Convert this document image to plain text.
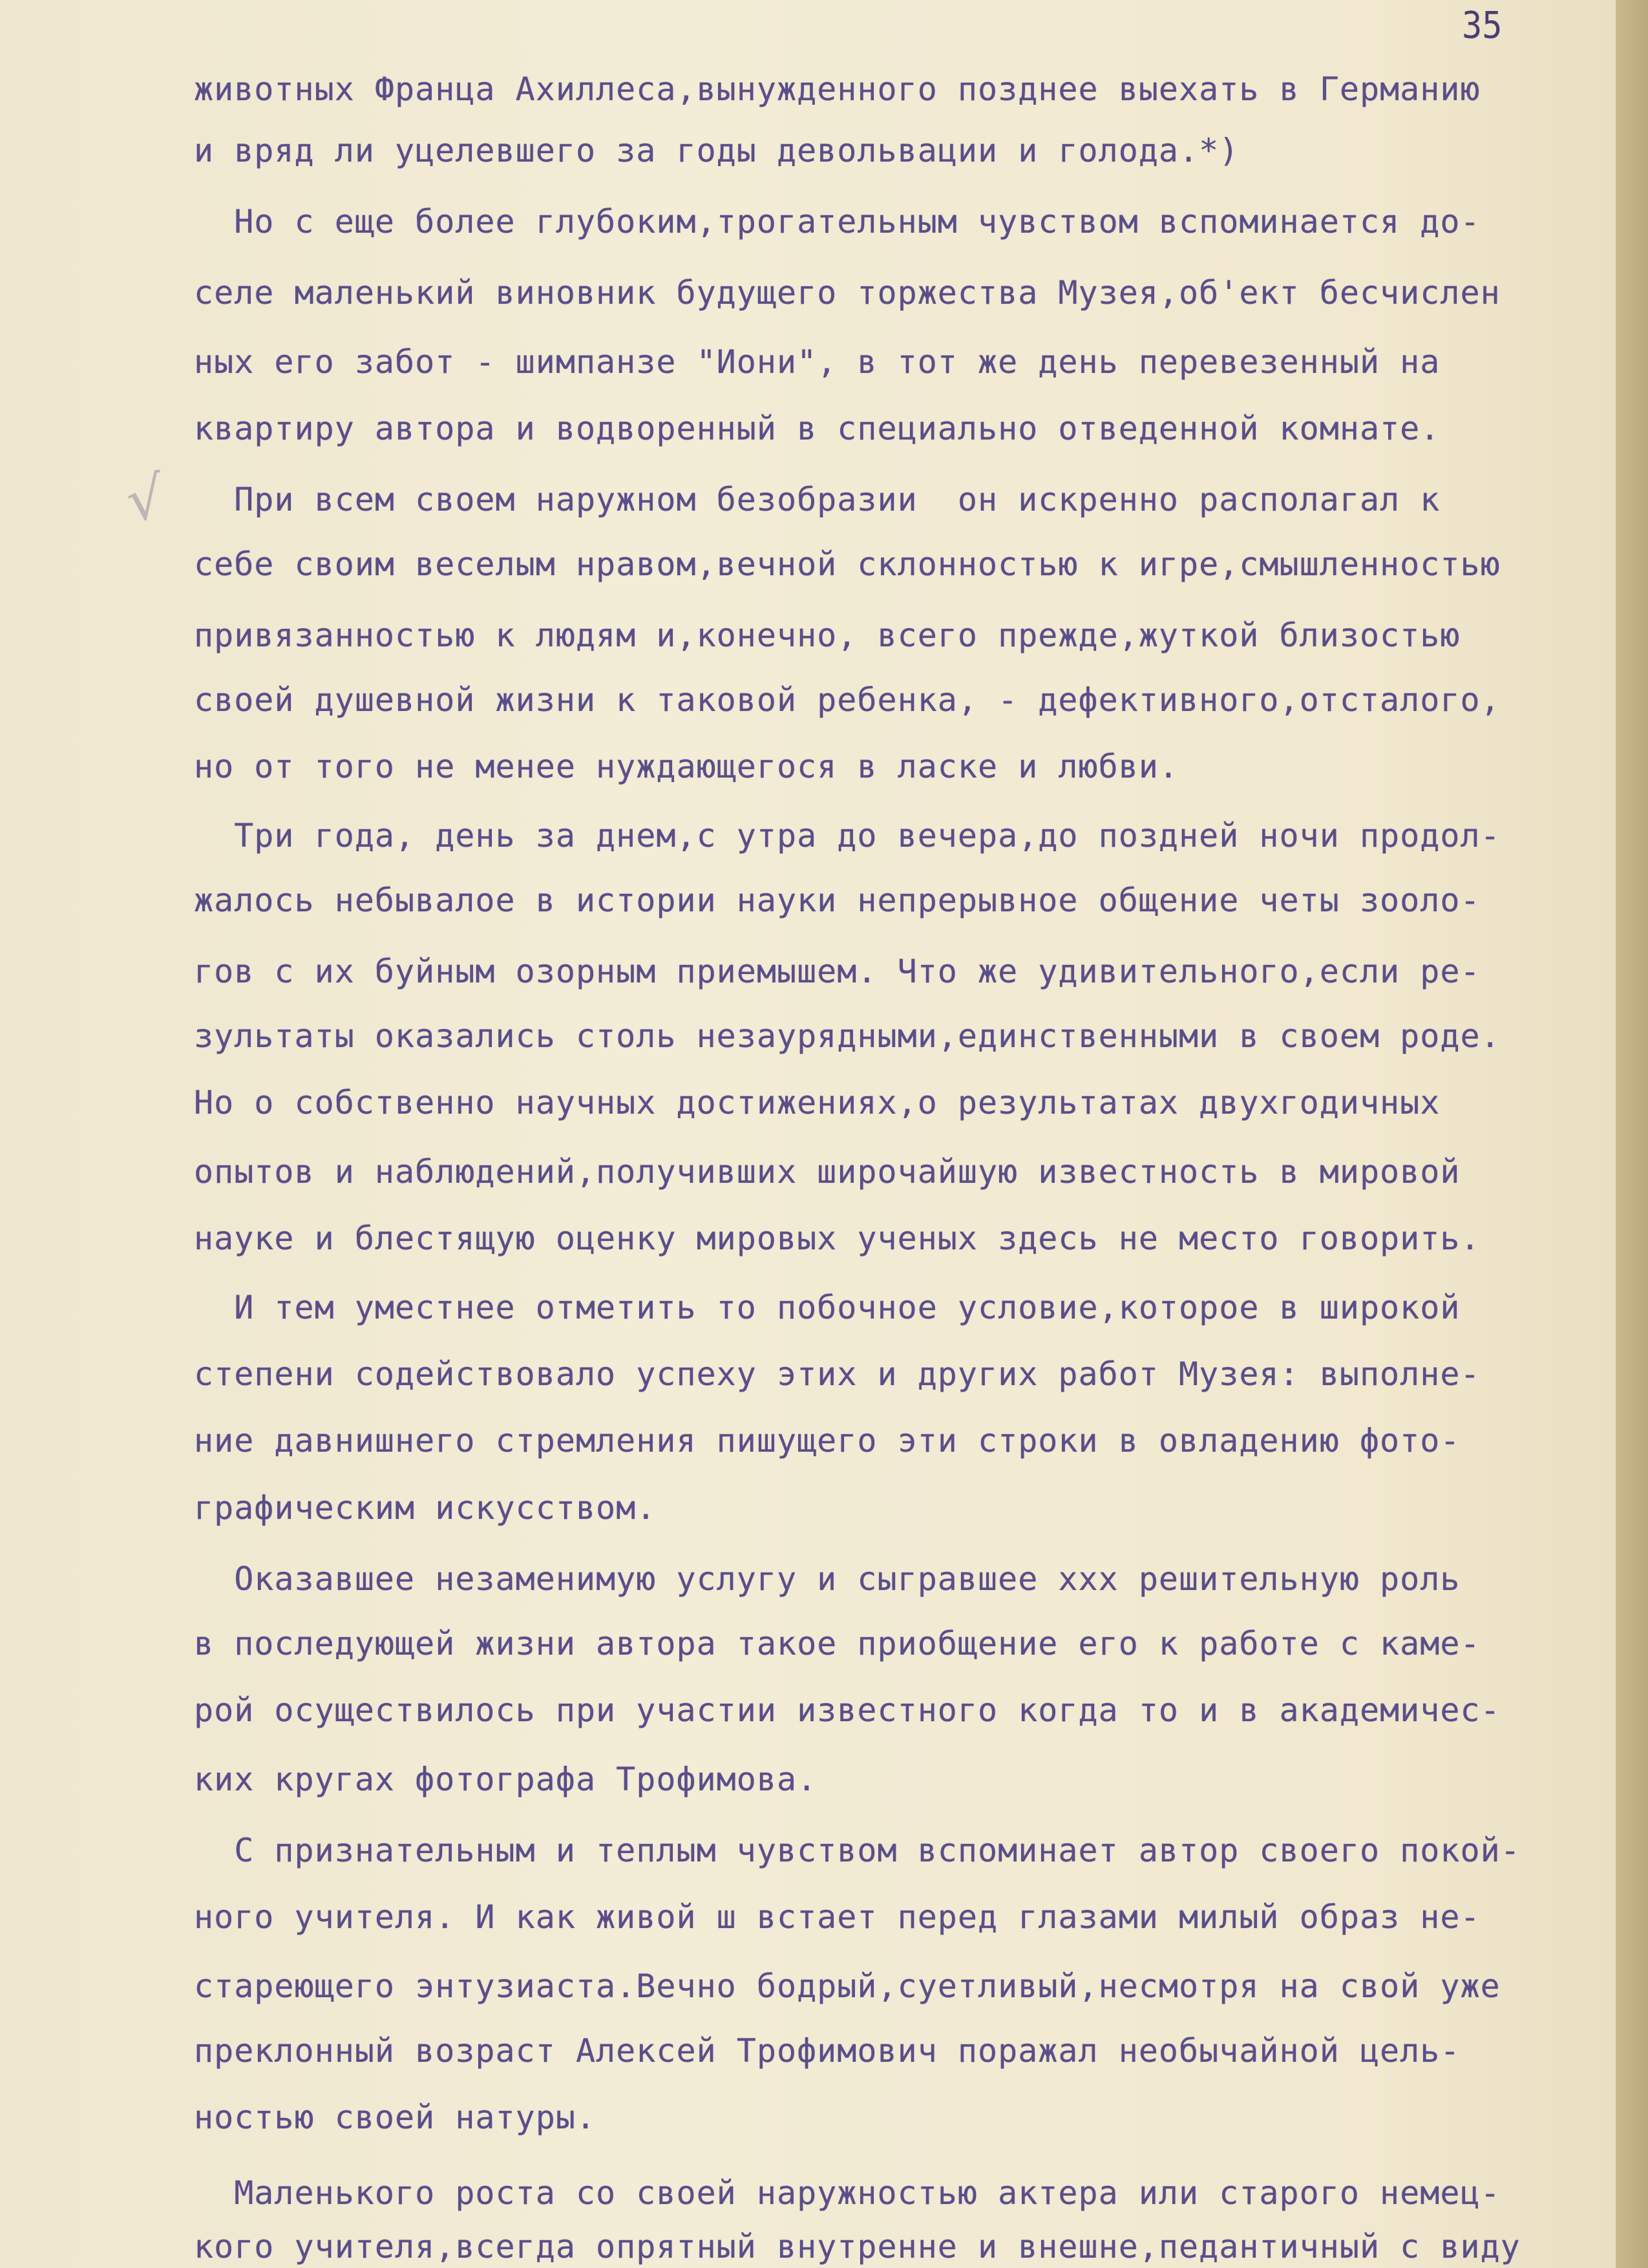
35
√
животных Франца Ахиллеса,вынужденного позднее выехать в Германию
и вряд ли уцелевшего за годы девольвации и голода.*)
Но с еще более глубоким,трогательным чувством вспоминается до-
селе маленький виновник будущего торжества Музея,об'ект бесчислен
ных его забот - шимпанзе "Иони", в тот же день перевезенный на
квартиру автора и водворенный в специально отведенной комнате.
При всем своем наружном безобразии  он искренно располагал к
себе своим веселым нравом,вечной склонностью к игре,смышленностью
привязанностью к людям и,конечно, всего прежде,жуткой близостью
своей душевной жизни к таковой ребенка, - дефективного,отсталого,
но от того не менее нуждающегося в ласке и любви.
Три года, день за днем,с утра до вечера,до поздней ночи продол-
жалось небывалое в истории науки непрерывное общение четы зооло-
гов с их буйным озорным приемышем. Что же удивительного,если ре-
зультаты оказались столь незаурядными,единственными в своем роде.
Но о собственно научных достижениях,о результатах двухгодичных
опытов и наблюдений,получивших широчайшую известность в мировой
науке и блестящую оценку мировых ученых здесь не место говорить.
И тем уместнее отметить то побочное условие,которое в широкой
степени содействовало успеху этих и других работ Музея: выполне-
ние давнишнего стремления пишущего эти строки в овладению фото-
графическим искусством.
Оказавшее незаменимую услугу и сыгравшее ххх решительную роль
в последующей жизни автора такое приобщение его к работе с каме-
рой осуществилось при участии известного когда то и в академичес-
ких кругах фотографа Трофимова.
С признательным и теплым чувством вспоминает автор своего покой-
ного учителя. И как живой ш встает перед глазами милый образ не-
стареющего энтузиаста.Вечно бодрый,суетливый,несмотря на свой уже
преклонный возраст Алексей Трофимович поражал необычайной цель-
ностью своей натуры.
Маленького роста со своей наружностью актера или старого немец-
кого учителя,всегда опрятный внутренне и внешне,педантичный с виду
